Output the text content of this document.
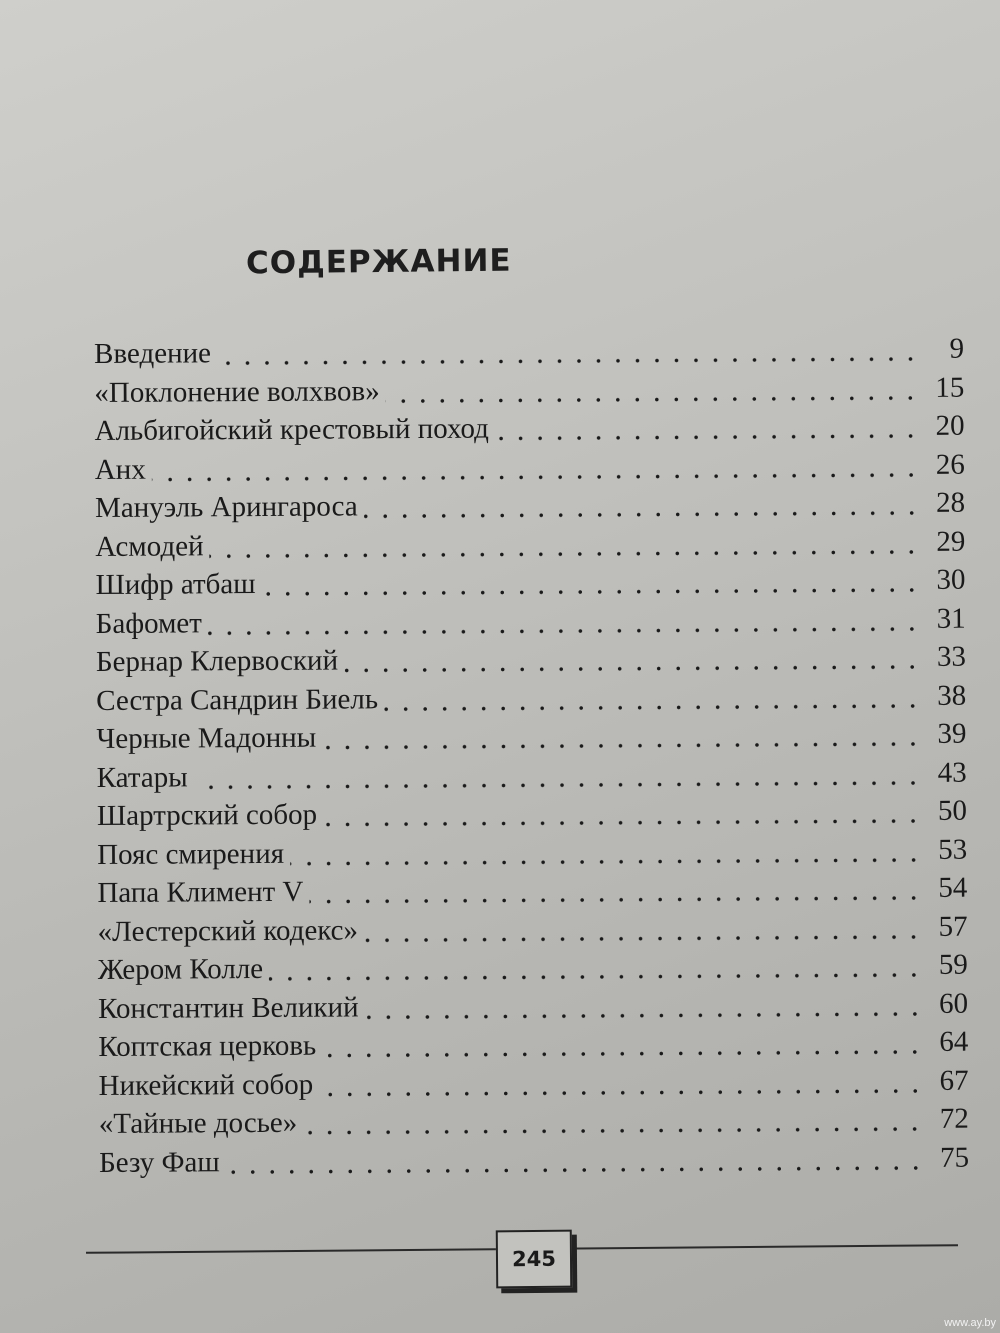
СОДЕРЖАНИЕ
Введение	9
«Поклонение волхвов»	15
Альбигойский крестовый поход	20
Анх	26
Мануэль Арингароса	28
Асмодей	29
Шифр атбаш	30
Бафомет	31
Бернар Клервоский	33
Сестра Сандрин Биель	38
Черные Мадонны	39
Катары	43
Шартрский собор	50
Пояс смирения	53
Папа Климент V	54
«Лестерский кодекс»	57
Жером Колле	59
Константин Великий	60
Коптская церковь	64
Никейский собор	67
«Тайные досье»	72
Безу Фаш	75
245
www.ay.by
